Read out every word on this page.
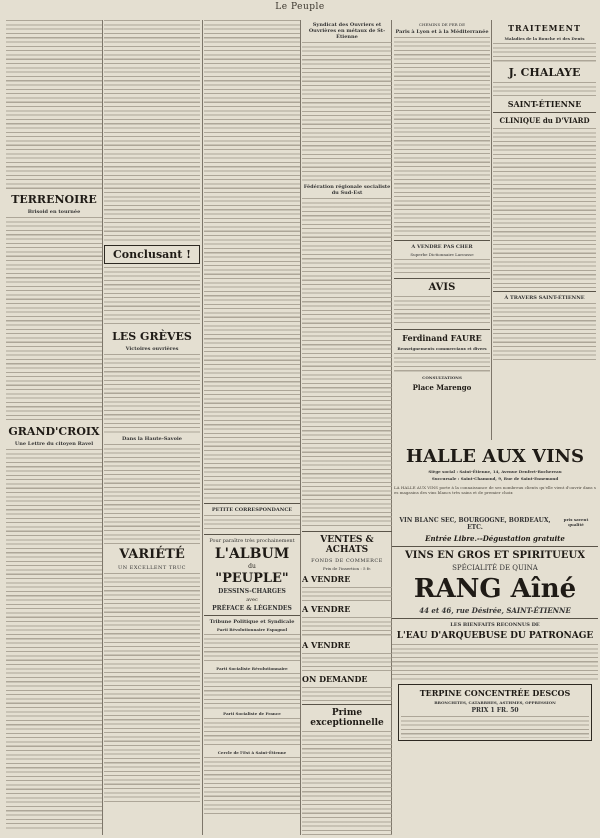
Le Peuple
TERRENOIRE
Brisoid en tournée
GRAND'CROIX
Une Lettre du citoyen Ravel
Conclusant !
LES GRÈVES
Victoires ouvrières
Dans la Haute-Savoie
VARIÉTÉ
UN EXCELLENT TRUC
PETITE CORRESPONDANCE
Pour paraître très prochainement
L'ALBUM
du
"PEUPLE"
DESSINS-CHARGES
avec
PRÉFACE & LÉGENDES
Tribune Politique et Syndicale
Parti Révolutionnaire Espagnol
Parti Socialiste Révolutionnaire
Parti Socialiste de France
Cercle de l'Est à Saint-Étienne
Syndicat des Ouvriers et Ouvrières en métaux de St-Étienne
Fédération régionale socialiste du Sud-Est
VENTES & ACHATS
FONDS DE COMMERCE
Prix de l'insertion : 5 fr.
A VENDRE
A VENDRE
A VENDRE
ON DEMANDE
Prime exceptionnelle
CHEMINS DE FER DE
Paris à Lyon et à la Méditerranée
A VENDRE PAS CHER
Superbe Dictionnaire Larousse
AVIS
Ferdinand FAURE
Renseignements commerciaux et divers
CONSULTATIONS
Place Marengo
TRAITEMENT
Maladies de la Bouche et des Dents
J. CHALAYE
SAINT-ÉTIENNE
CLINIQUE du D'VIARD
À TRAVERS SAINT-ÉTIENNE
HALLE AUX VINS
Siège social : Saint-Étienne, 14, Avenue Denfert-Rochereau
Succursale : Saint-Chamond, 9, Rue de Saint-Ennemond
LA HALLE AUX VINS porte à la connaissance de ses nombreux clients qu'elle vient d'ouvrir dans ses magasins des vins blancs très sains et de premier choix
VIN BLANC SEC, BOURGOGNE, BORDEAUX, ETC.
prix savent qualité
Entrée Libre.--Dégustation gratuite
VINS EN GROS ET SPIRITUEUX
SPÉCIALITÉ DE QUINA
RANG Aîné
44 et 46, rue Désirée, SAINT-ÉTIENNE
LES BIENFAITS RECONNUS DE
L'EAU D'ARQUEBUSE DU PATRONAGE
TERPINE CONCENTRÉE DESCOS
BRONCHITES, CATARRHES, ASTHMES, OPPRESSION
PRIX 1 FR. 50
